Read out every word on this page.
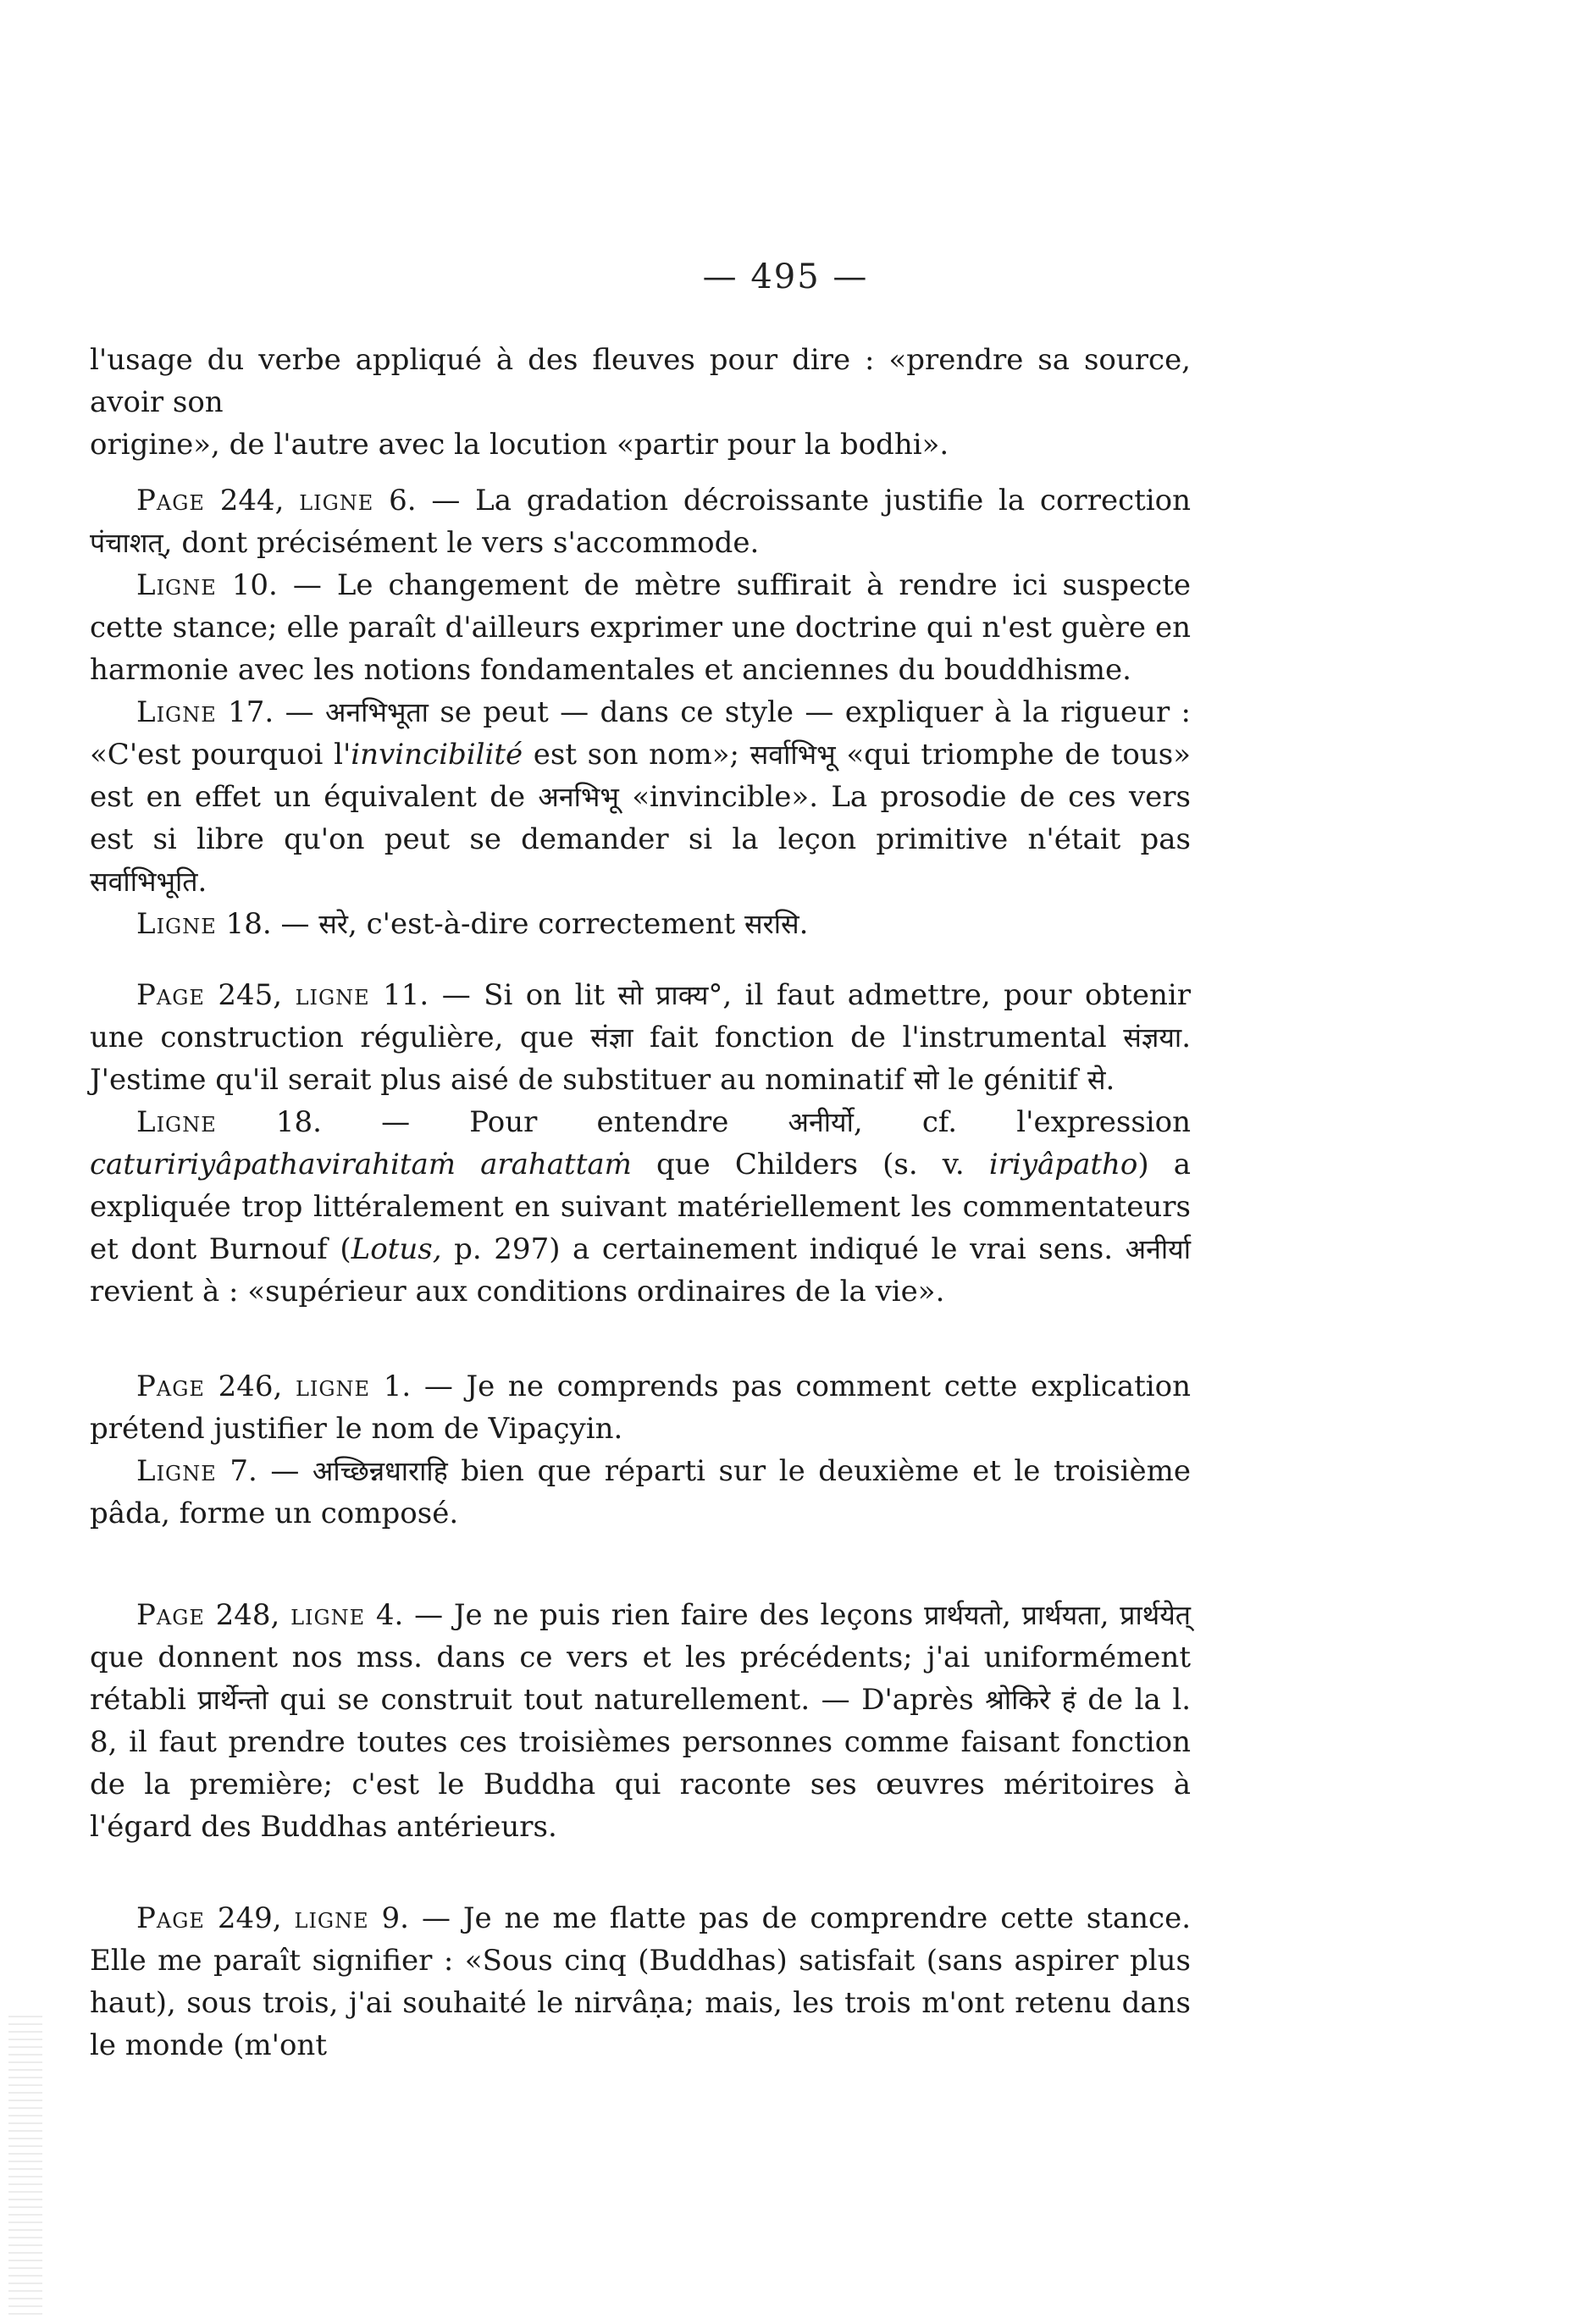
— 495 —

l'usage du verbe appliqué à des fleuves pour dire : «prendre sa source, avoir son

origine», de l'autre avec la locution «partir pour la bodhi».

Page 244, ligne 6. — La gradation décroissante justifie la correction पंचाशत्, dont précisément le vers s'accommode.

Ligne 10. — Le changement de mètre suffirait à rendre ici suspecte cette stance; elle paraît d'ailleurs exprimer une doctrine qui n'est guère en harmonie avec les notions fondamentales et anciennes du bouddhisme.

Ligne 17. — अनभिभूता se peut — dans ce style — expliquer à la rigueur : «C'est pourquoi l'invincibilité est son nom»; सर्वाभिभू «qui triomphe de tous» est en effet un équivalent de अनभिभू «invincible». La prosodie de ces vers est si libre qu'on peut se demander si la leçon primitive n'était pas सर्वाभिभूति.

Ligne 18. — सरे, c'est-à-dire correctement सरसि.

Page 245, ligne 11. — Si on lit सो प्राक्य°, il faut admettre, pour obtenir une construction régulière, que संज्ञा fait fonction de l'instrumental संज्ञया. J'estime qu'il serait plus aisé de substituer au nominatif सो le génitif से.

Ligne 18. — Pour entendre अनीर्यो, cf. l'expression catuririyâpathavirahitaṁ arahattaṁ que Childers (s. v. iriyâpatho) a expliquée trop littéralement en suivant matériellement les commentateurs et dont Burnouf (Lotus, p. 297) a certainement indiqué le vrai sens. अनीर्या revient à : «supérieur aux conditions ordinaires de la vie».

Page 246, ligne 1. — Je ne comprends pas comment cette explication prétend justifier le nom de Vipaçyin.

Ligne 7. — अच्छिन्नधाराहि bien que réparti sur le deuxième et le troisième pâda, forme un composé.

Page 248, ligne 4. — Je ne puis rien faire des leçons प्रार्थयतो, प्रार्थयता, प्रार्थयेत् que donnent nos mss. dans ce vers et les précédents; j'ai uniformément rétabli प्रार्थेन्तो qui se construit tout naturellement. — D'après श्रोकिरे हं de la l. 8, il faut prendre toutes ces troisièmes personnes comme faisant fonction de la première; c'est le Buddha qui raconte ses œuvres méritoires à l'égard des Buddhas antérieurs.

Page 249, ligne 9. — Je ne me flatte pas de comprendre cette stance. Elle me paraît signifier : «Sous cinq (Buddhas) satisfait (sans aspirer plus haut), sous trois, j'ai souhaité le nirvâṇa; mais, les trois m'ont retenu dans le monde (m'ont
